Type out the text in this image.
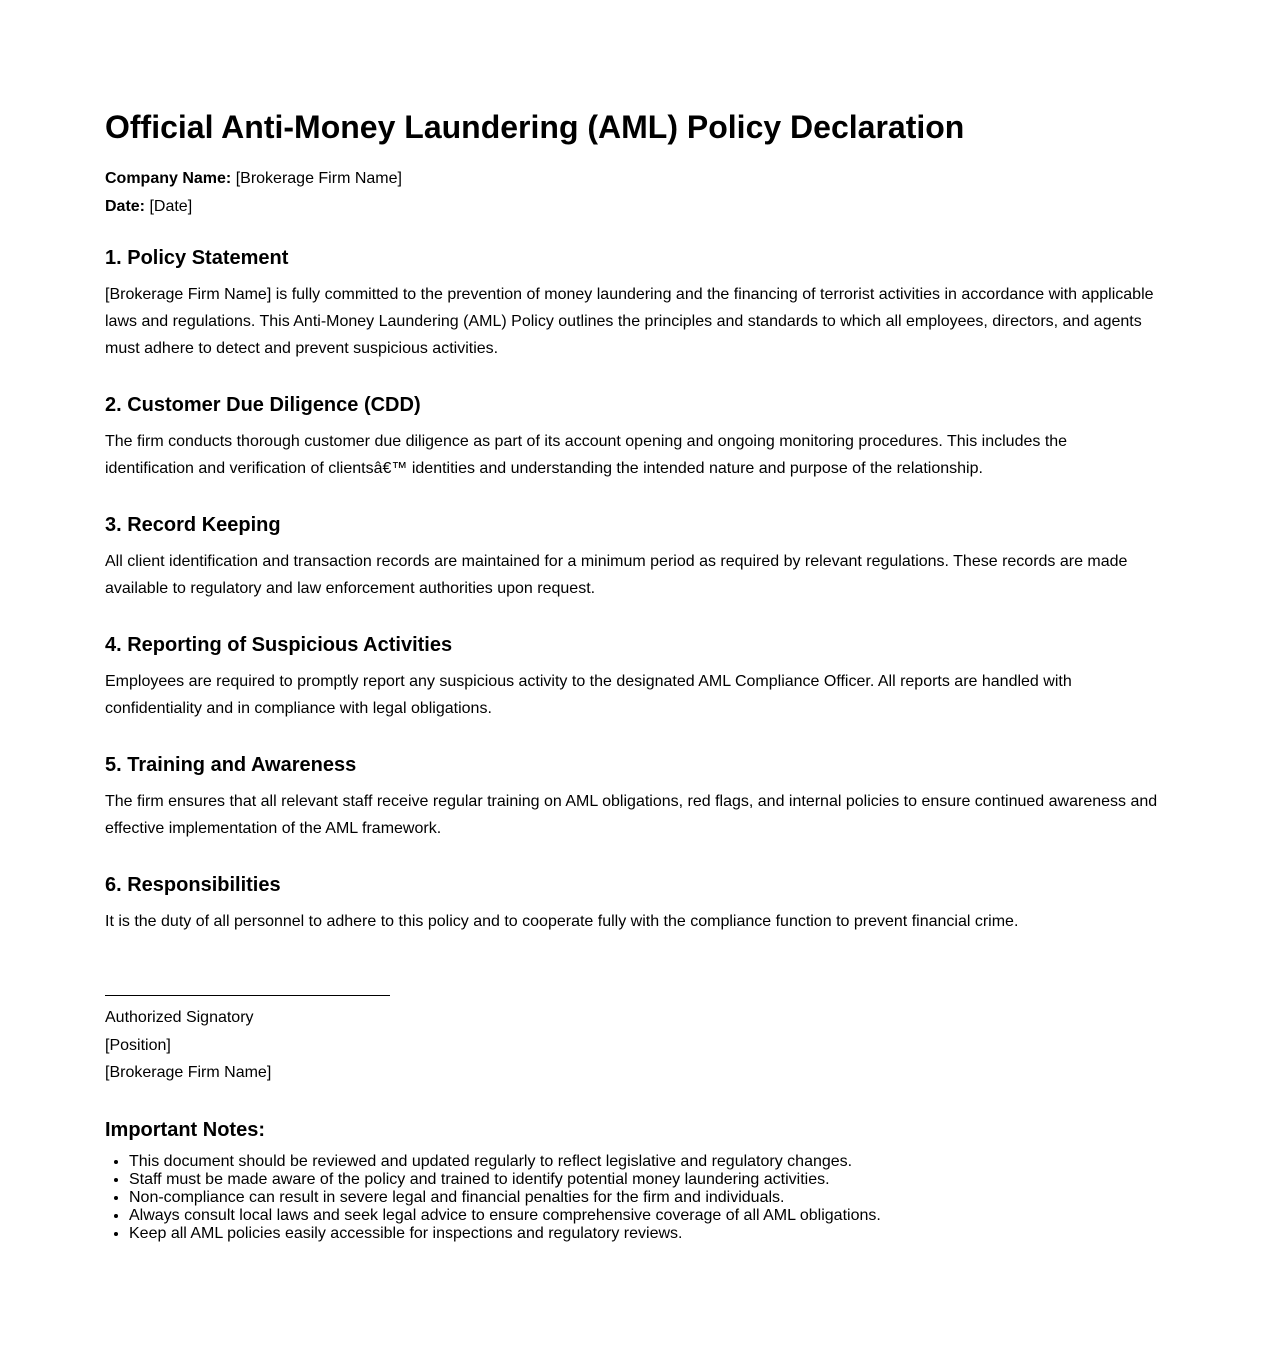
Official Anti-Money Laundering (AML) Policy Declaration

Company Name: [Brokerage Firm Name]

Date: [Date]

1. Policy Statement

[Brokerage Firm Name] is fully committed to the prevention of money laundering and the financing of terrorist activities in accordance with applicable laws and regulations. This Anti-Money Laundering (AML) Policy outlines the principles and standards to which all employees, directors, and agents must adhere to detect and prevent suspicious activities.

2. Customer Due Diligence (CDD)

The firm conducts thorough customer due diligence as part of its account opening and ongoing monitoring procedures. This includes the identification and verification of clientsâ€™ identities and understanding the intended nature and purpose of the relationship.

3. Record Keeping

All client identification and transaction records are maintained for a minimum period as required by relevant regulations. These records are made available to regulatory and law enforcement authorities upon request.

4. Reporting of Suspicious Activities

Employees are required to promptly report any suspicious activity to the designated AML Compliance Officer. All reports are handled with confidentiality and in compliance with legal obligations.

5. Training and Awareness

The firm ensures that all relevant staff receive regular training on AML obligations, red flags, and internal policies to ensure continued awareness and effective implementation of the AML framework.

6. Responsibilities

It is the duty of all personnel to adhere to this policy and to cooperate fully with the compliance function to prevent financial crime.

Authorized Signatory

[Position]

[Brokerage Firm Name]

Important Notes:
• This document should be reviewed and updated regularly to reflect legislative and regulatory changes.
• Staff must be made aware of the policy and trained to identify potential money laundering activities.
• Non-compliance can result in severe legal and financial penalties for the firm and individuals.
• Always consult local laws and seek legal advice to ensure comprehensive coverage of all AML obligations.
• Keep all AML policies easily accessible for inspections and regulatory reviews.
